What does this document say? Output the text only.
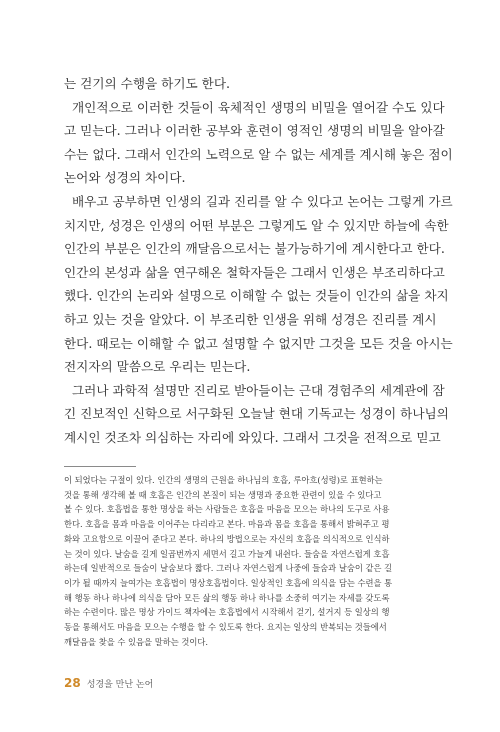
는 걷기의 수행을 하기도 한다.

개인적으로 이러한 것들이 육체적인 생명의 비밀을 열어갈 수도 있다
고 믿는다. 그러나 이러한 공부와 훈련이 영적인 생명의 비밀을 알아갈
수는 없다. 그래서 인간의 노력으로 알 수 없는 세계를 계시해 놓은 점이
논어와 성경의 차이다.

배우고 공부하면 인생의 길과 진리를 알 수 있다고 논어는 그렇게 가르
치지만, 성경은 인생의 어떤 부분은 그렇게도 알 수 있지만 하늘에 속한
인간의 부분은 인간의 깨달음으로서는 불가능하기에 계시한다고 한다.
인간의 본성과 삶을 연구해온 철학자들은 그래서 인생은 부조리하다고
했다. 인간의 논리와 설명으로 이해할 수 없는 것들이 인간의 삶을 차지
하고 있는 것을 알았다. 이 부조리한 인생을 위해 성경은 진리를 계시
한다. 때로는 이해할 수 없고 설명할 수 없지만 그것을 모든 것을 아시는
전지자의 말씀으로 우리는 믿는다.

그러나 과학적 설명만 진리로 받아들이는 근대 경험주의 세계관에 잠
긴 진보적인 신학으로 서구화된 오늘날 현대 기독교는 성경이 하나님의
계시인 것조차 의심하는 자리에 와있다. 그래서 그것을 전적으로 믿고

이 되었다는 구절이 있다. 인간의 생명의 근원을 하나님의 호흡, 루아흐(성령)로 표현하는
것을 통해 생각해 볼 때 호흡은 인간의 본질이 되는 생명과 중요한 관련이 있을 수 있다고
볼 수 있다. 호흡법을 통한 명상을 하는 사람들은 호흡을 마음을 모으는 하나의 도구로 사용
한다. 호흡을 몸과 마음을 이어주는 다리라고 본다. 마음과 몸을 호흡을 통해서 밝혀주고 평
화와 고요함으로 이끌어 준다고 본다. 하나의 방법으로는 자신의 호흡을 의식적으로 인식하
는 것이 있다. 날숨을 길게 일곱번까지 세면서 길고 가늘게 내쉰다. 들숨을 자연스럽게 호흡
하는데 일반적으로 들숨이 날숨보다 짧다. 그러나 자연스럽게 나중에 들숨과 날숨이 같은 길
이가 될 때까지 늘여가는 호흡법이 명상호흡법이다. 일상적인 호흡에 의식을 담는 수련을 통
해 행동 하나 하나에 의식을 담아 모든 삶의 행동 하나 하나를 소중히 여기는 자세를 갖도록
하는 수련이다. 많은 명상 가이드 책자에는 호흡법에서 시작해서 걷기, 설거지 등 일상의 행
동을 통해서도 마음을 모으는 수행을 할 수 있도록 한다. 요지는 일상의 반복되는 것들에서
깨달음을 찾을 수 있음을 말하는 것이다.
28 성경을 만난 논어
